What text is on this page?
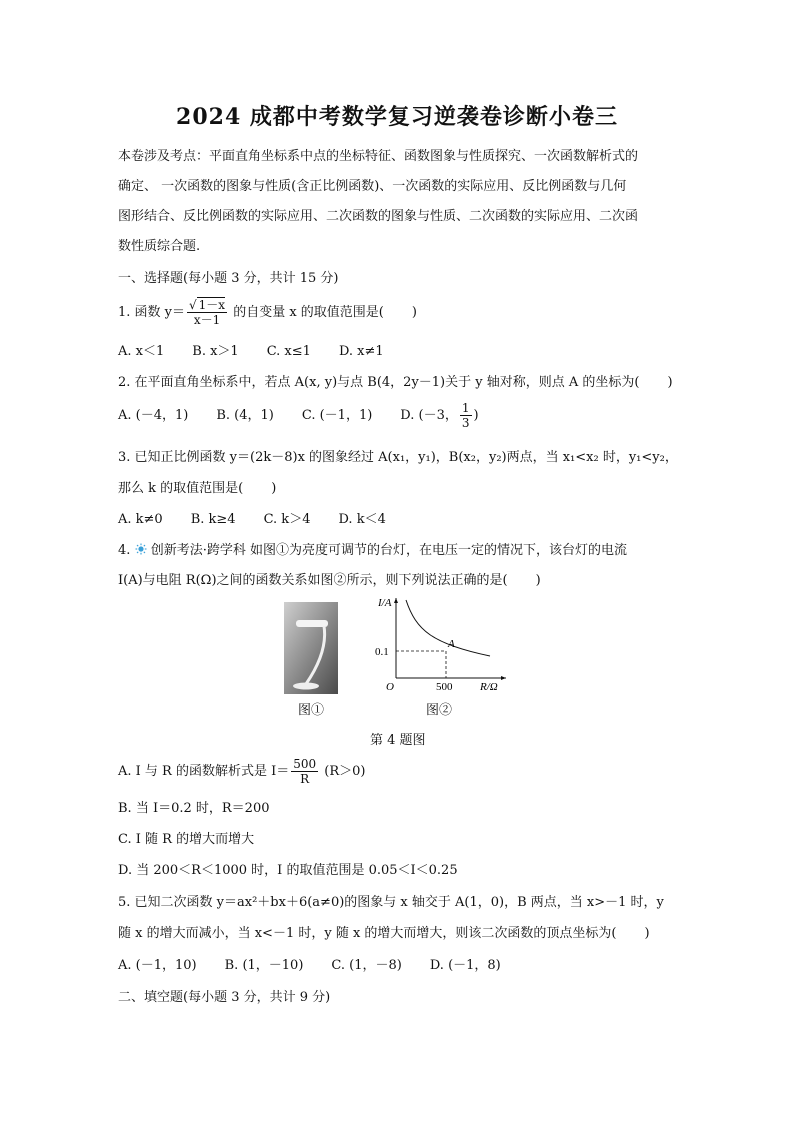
2024 成都中考数学复习逆袭卷诊断小卷三
本卷涉及考点：平面直角坐标系中点的坐标特征、函数图象与性质探究、一次函数解析式的
确定、 一次函数的图象与性质(含正比例函数)、一次函数的实际应用、反比例函数与几何
图形结合、反比例函数的实际应用、二次函数的图象与性质、二次函数的实际应用、二次函
数性质综合题.
一、选择题(每小题 3 分，共计 15 分)
1. 函数 $y= \frac{√ 1-x}{x-1}$ 的自变量 x 的取值范围是( )
A. x＜1 B. x＞1 C. x≤1 D. x≠1
2. 在平面直角坐标系中，若点 A(x, y)与点 B(4，2y－1)关于 y 轴对称，则点 A 的坐标为( )
A. (－4，1) B. (4，1) C. (－1，1) D. (－3， $\frac{1}{3}$ )
3. 已知正比例函数 y＝(2k－8)x 的图象经过 A(x₁，y₁)，B(x₂，y₂)两点，当 x₁<x₂ 时，y₁<y₂，
那么 k 的取值范围是( )
A. k≠0 B. k≥4 C. k＞4 D. k＜4
4. 创新考法·跨学科 如图①为亮度可调节的台灯，在电压一定的情况下，该台灯的电流
I(A)与电阻 R(Ω)之间的函数关系如图②所示，则下列说法正确的是( )
I/A
R/Ω
O
0.1
500
A
图①	图②
第 4 题图
A. I 与 R 的函数解析式是 $I= \frac{500}{R} (R>0)$
B. 当 I＝0.2 时，R＝200
C. I 随 R 的增大而增大
D. 当 200＜R＜1000 时，I 的取值范围是 0.05＜I＜0.25
5. 已知二次函数 y＝ax²＋bx＋6(a≠0)的图象与 x 轴交于 A(1，0)，B 两点，当 x>－1 时，y
随 x 的增大而减小，当 x<－1 时，y 随 x 的增大而增大，则该二次函数的顶点坐标为( )
A. (－1，10) B. (1，－10) C. (1，－8) D. (－1，8)
二、填空题(每小题 3 分，共计 9 分)
